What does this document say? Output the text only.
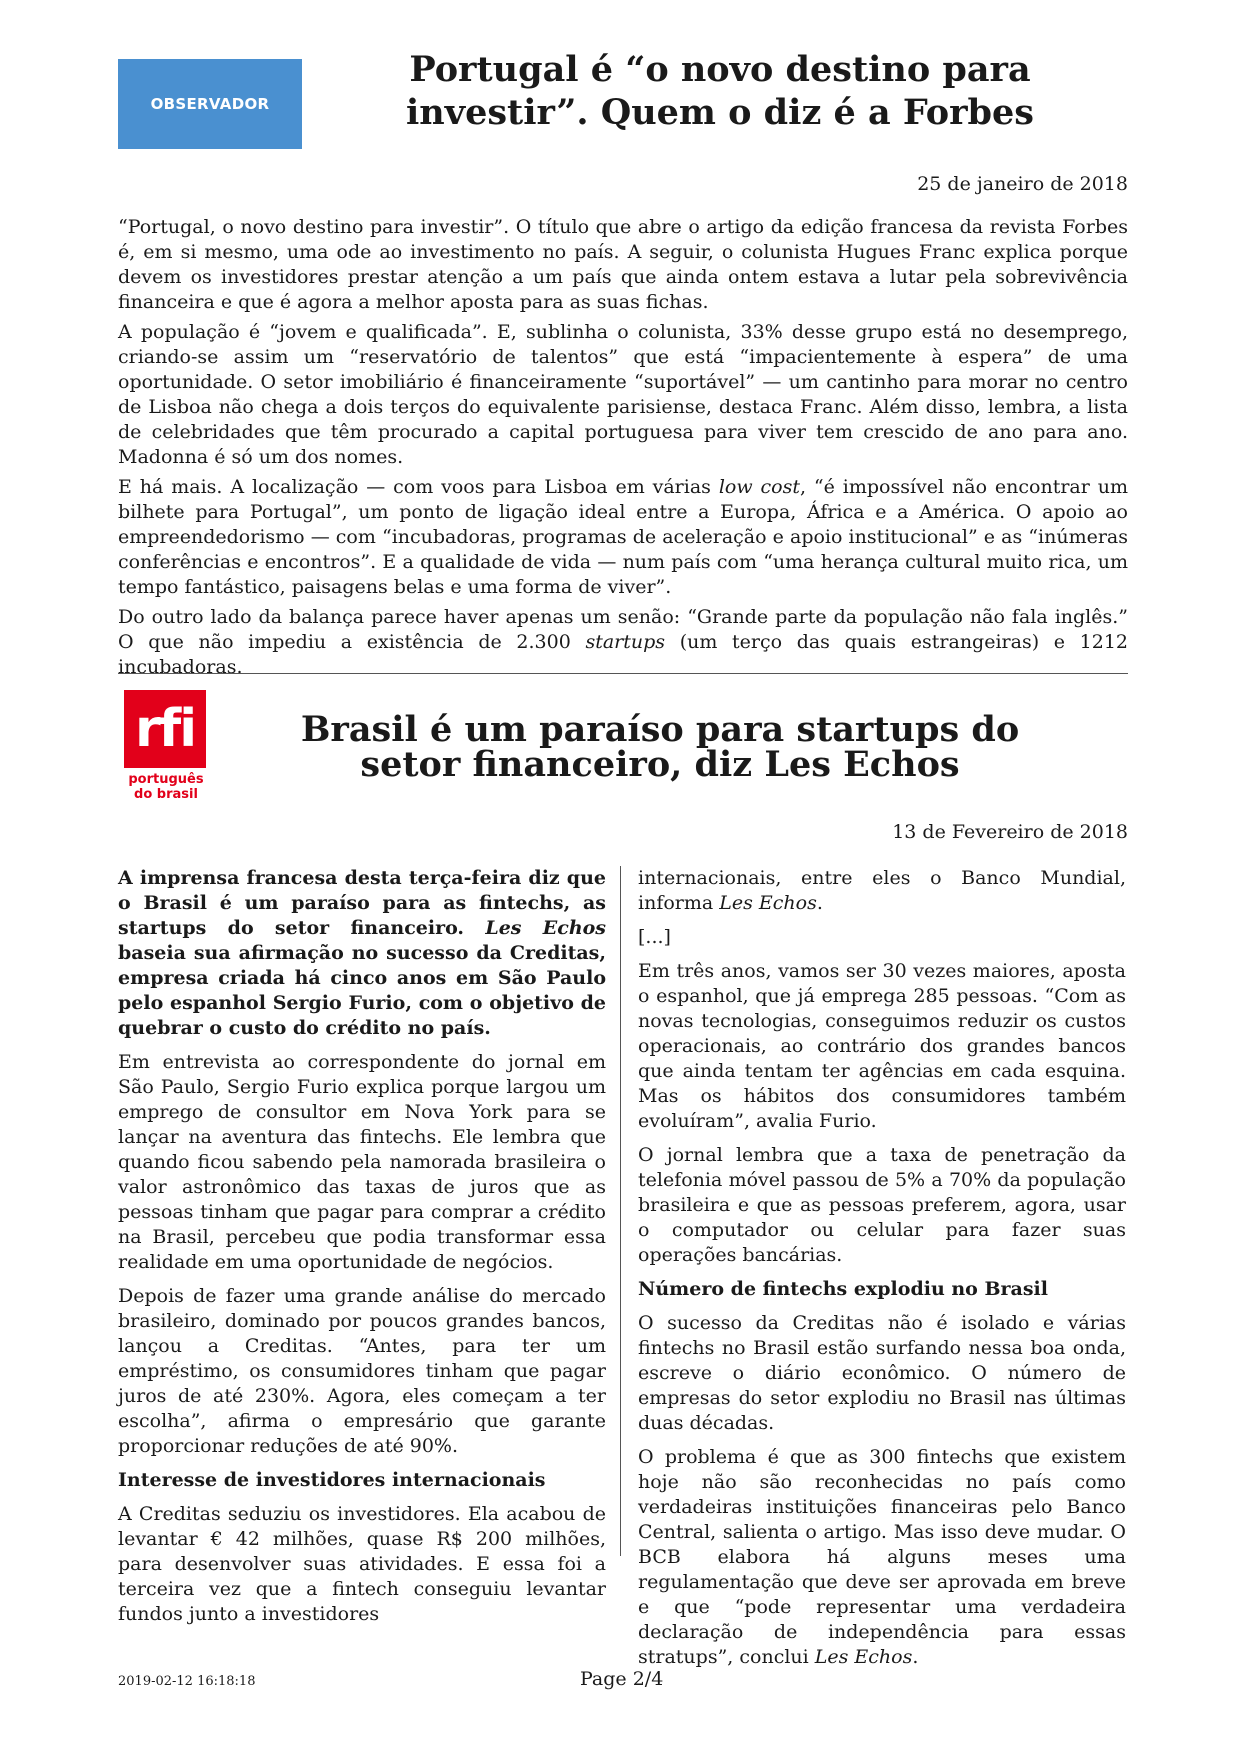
OBSERVADOR
Portugal é “o novo destino para investir”. Quem o diz é a Forbes

25 de janeiro de 2018

“Portugal, o novo destino para investir”. O título que abre o artigo da edição francesa da revista Forbes é, em si mesmo, uma ode ao investimento no país. A seguir, o colunista Hugues Franc explica porque devem os investidores prestar atenção a um país que ainda ontem estava a lutar pela sobrevivência financeira e que é agora a melhor aposta para as suas fichas.

A população é “jovem e qualificada”. E, sublinha o colunista, 33% desse grupo está no desemprego, criando-se assim um “reservatório de talentos” que está “impacientemente à espera” de uma oportunidade. O setor imobiliário é financeiramente “suportável” — um cantinho para morar no centro de Lisboa não chega a dois terços do equivalente parisiense, destaca Franc. Além disso, lembra, a lista de celebridades que têm procurado a capital portuguesa para viver tem crescido de ano para ano. Madonna é só um dos nomes.

E há mais. A localização — com voos para Lisboa em várias low cost, “é impossível não encontrar um bilhete para Portugal”, um ponto de ligação ideal entre a Europa, África e a América. O apoio ao empreendedorismo — com “incubadoras, programas de aceleração e apoio institucional” e as “inúmeras conferências e encontros”. E a qualidade de vida — num país com “uma herança cultural muito rica, um tempo fantástico, paisagens belas e uma forma de viver”.

Do outro lado da balança parece haver apenas um senão: “Grande parte da população não fala inglês.” O que não impediu a existência de 2.300 startups (um terço das quais estrangeiras) e 1212 incubadoras.

rfi
português do brasil
Brasil é um paraíso para startups do
setor financeiro, diz Les Echos

13 de Fevereiro de 2018

A imprensa francesa desta terça-feira diz que o Brasil é um paraíso para as fintechs, as startups do setor financeiro. Les Echos baseia sua afirmação no sucesso da Creditas, empresa criada há cinco anos em São Paulo pelo espanhol Sergio Furio, com o objetivo de quebrar o custo do crédito no país.

Em entrevista ao correspondente do jornal em São Paulo, Sergio Furio explica porque largou um emprego de consultor em Nova York para se lançar na aventura das fintechs. Ele lembra que quando ficou sabendo pela namorada brasileira o valor astronômico das taxas de juros que as pessoas tinham que pagar para comprar a crédito na Brasil, percebeu que podia transformar essa realidade em uma oportunidade de negócios.

Depois de fazer uma grande análise do mercado brasileiro, dominado por poucos grandes bancos, lançou a Creditas. “Antes, para ter um empréstimo, os consumidores tinham que pagar juros de até 230%. Agora, eles começam a ter escolha”, afirma o empresário que garante proporcionar reduções de até 90%.

Interesse de investidores internacionais

A Creditas seduziu os investidores. Ela acabou de levantar € 42 milhões, quase R$ 200 milhões, para desenvolver suas atividades. E essa foi a terceira vez que a fintech conseguiu levantar fundos junto a investidores

internacionais, entre eles o Banco Mundial, informa Les Echos.

[...]

Em três anos, vamos ser 30 vezes maiores, aposta o espanhol, que já emprega 285 pessoas. “Com as novas tecnologias, conseguimos reduzir os custos operacionais, ao contrário dos grandes bancos que ainda tentam ter agências em cada esquina. Mas os hábitos dos consumidores também evoluíram”, avalia Furio.

O jornal lembra que a taxa de penetração da telefonia móvel passou de 5% a 70% da população brasileira e que as pessoas preferem, agora, usar o computador ou celular para fazer suas operações bancárias.

Número de fintechs explodiu no Brasil

O sucesso da Creditas não é isolado e várias fintechs no Brasil estão surfando nessa boa onda, escreve o diário econômico. O número de empresas do setor explodiu no Brasil nas últimas duas décadas.

O problema é que as 300 fintechs que existem hoje não são reconhecidas no país como verdadeiras instituições financeiras pelo Banco Central, salienta o artigo. Mas isso deve mudar. O BCB elabora há alguns meses uma regulamentação que deve ser aprovada em breve e que “pode representar uma verdadeira declaração de independência para essas stratups”, conclui Les Echos.

2019-02-12 16:18:18	Page 2/4
